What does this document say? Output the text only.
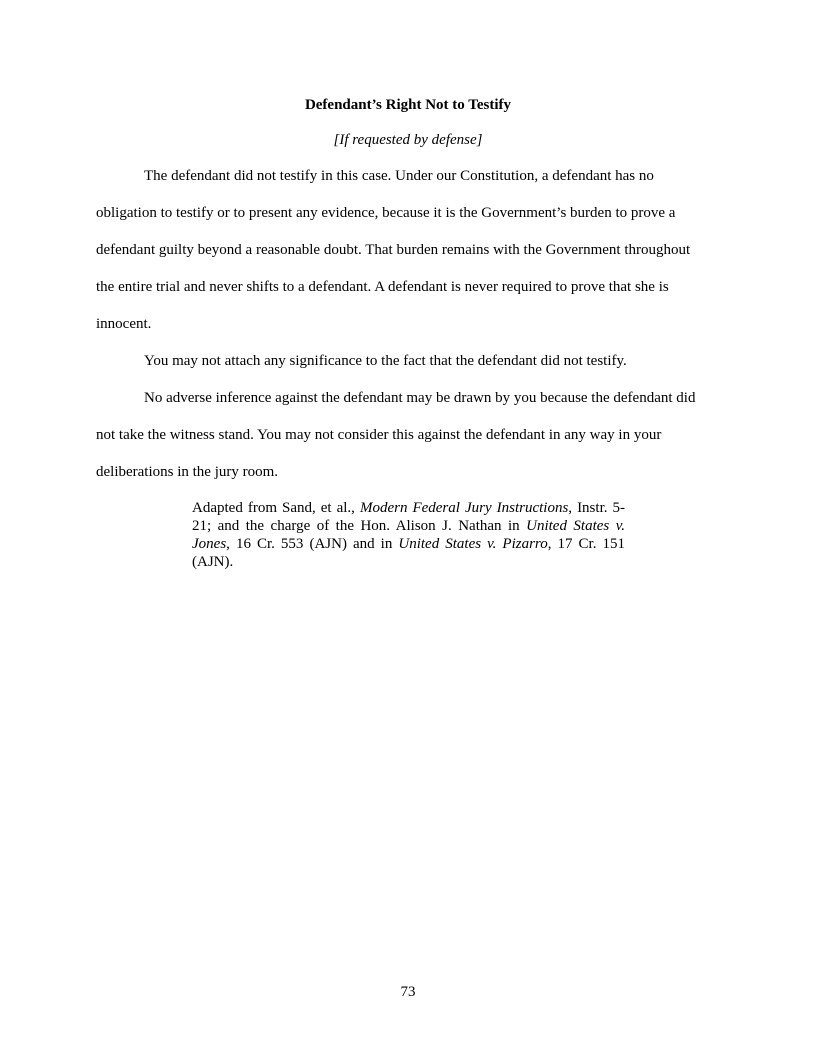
Defendant’s Right Not to Testify
[If requested by defense]

The defendant did not testify in this case. Under our Constitution, a defendant has no obligation to testify or to present any evidence, because it is the Government’s burden to prove a defendant guilty beyond a reasonable doubt. That burden remains with the Government throughout the entire trial and never shifts to a defendant. A defendant is never required to prove that she is innocent.

You may not attach any significance to the fact that the defendant did not testify.

No adverse inference against the defendant may be drawn by you because the defendant did not take the witness stand. You may not consider this against the defendant in any way in your deliberations in the jury room.

Adapted from Sand, et al., Modern Federal Jury Instructions, Instr. 5-21; and the charge of the Hon. Alison J. Nathan in United States v. Jones, 16 Cr. 553 (AJN) and in United States v. Pizarro, 17 Cr. 151 (AJN).
73
